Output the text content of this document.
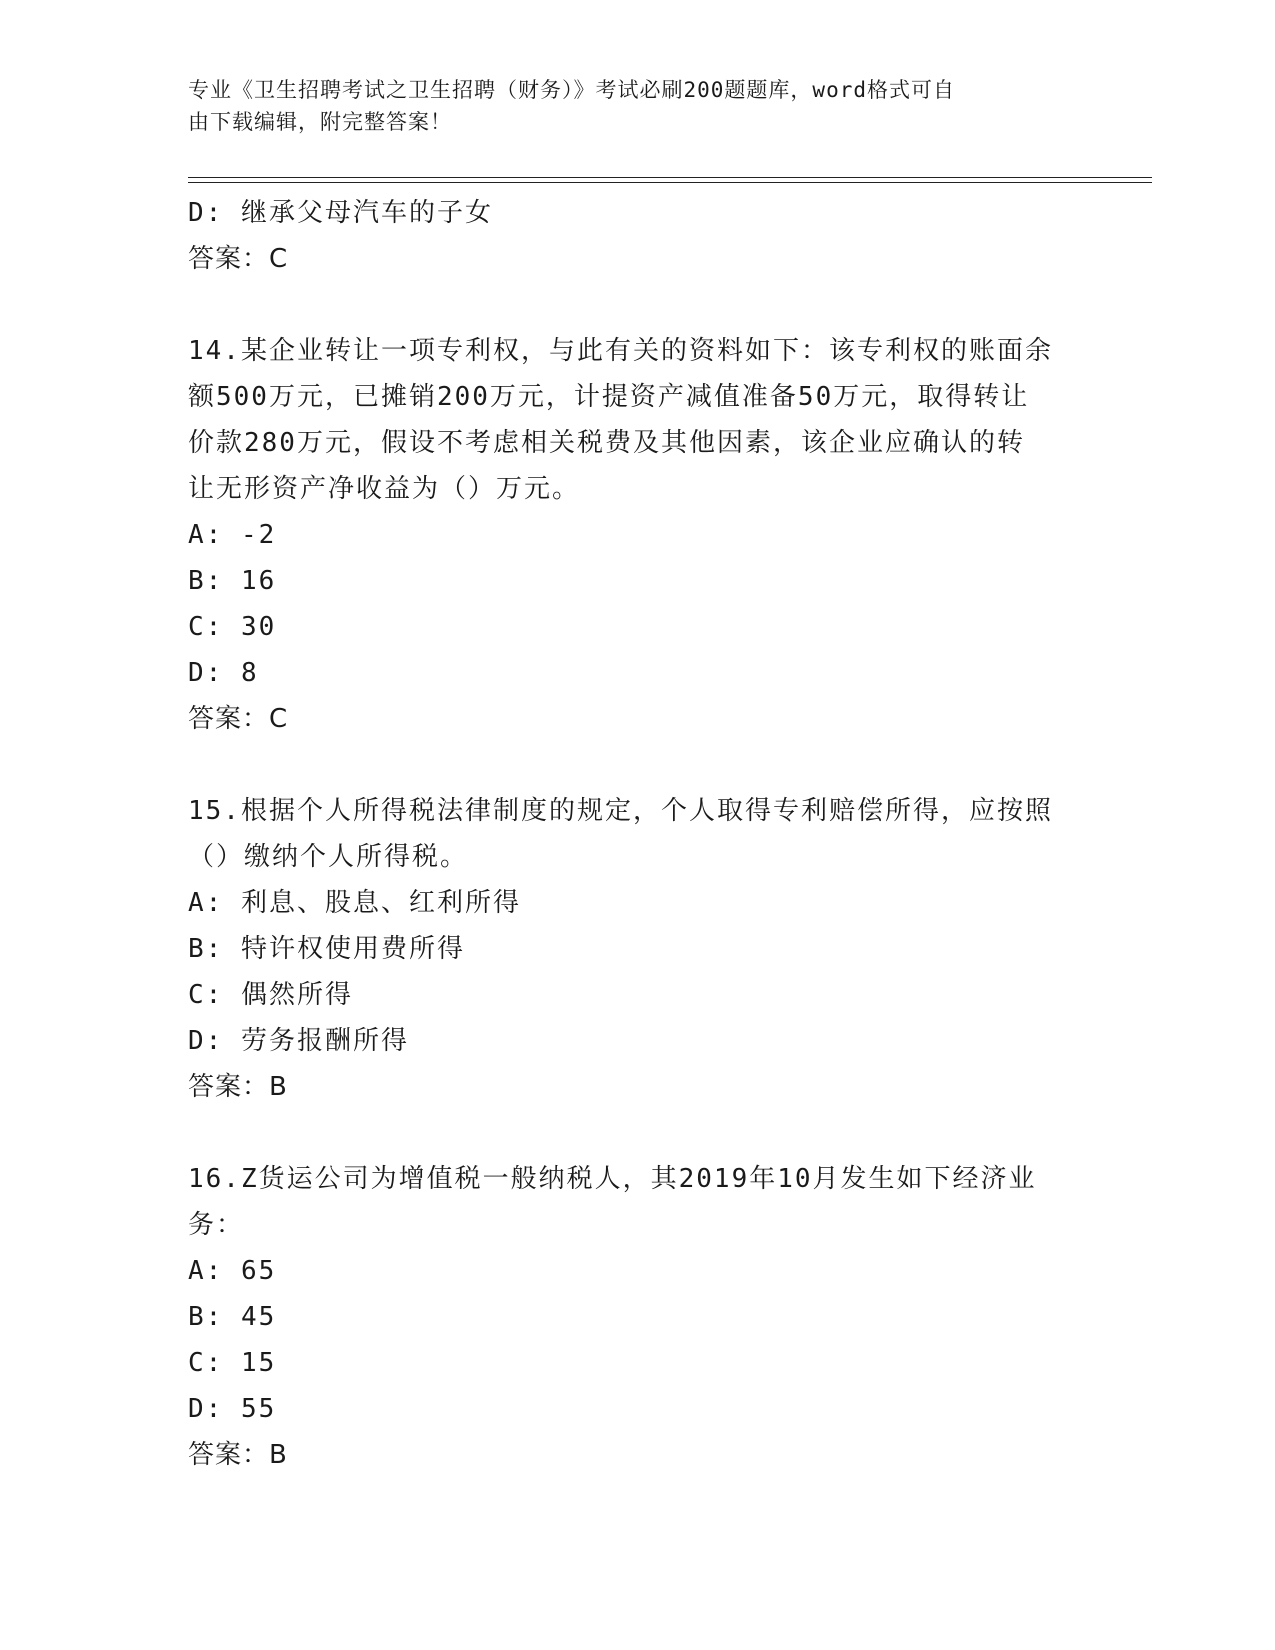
专业《卫生招聘考试之卫生招聘（财务）》考试必刷200题题库，word格式可自
由下载编辑，附完整答案！
D: 继承父母汽车的子女
答案：C
14.某企业转让一项专利权，与此有关的资料如下：该专利权的账面余
额500万元，已摊销200万元，计提资产减值准备50万元，取得转让
价款280万元，假设不考虑相关税费及其他因素，该企业应确认的转
让无形资产净收益为（）万元。
A: -2
B: 16
C: 30
D: 8
答案：C
15.根据个人所得税法律制度的规定，个人取得专利赔偿所得，应按照
（）缴纳个人所得税。
A: 利息、股息、红利所得
B: 特许权使用费所得
C: 偶然所得
D: 劳务报酬所得
答案：B
16.Z货运公司为增值税一般纳税人，其2019年10月发生如下经济业
务：
A: 65
B: 45
C: 15
D: 55
答案：B
